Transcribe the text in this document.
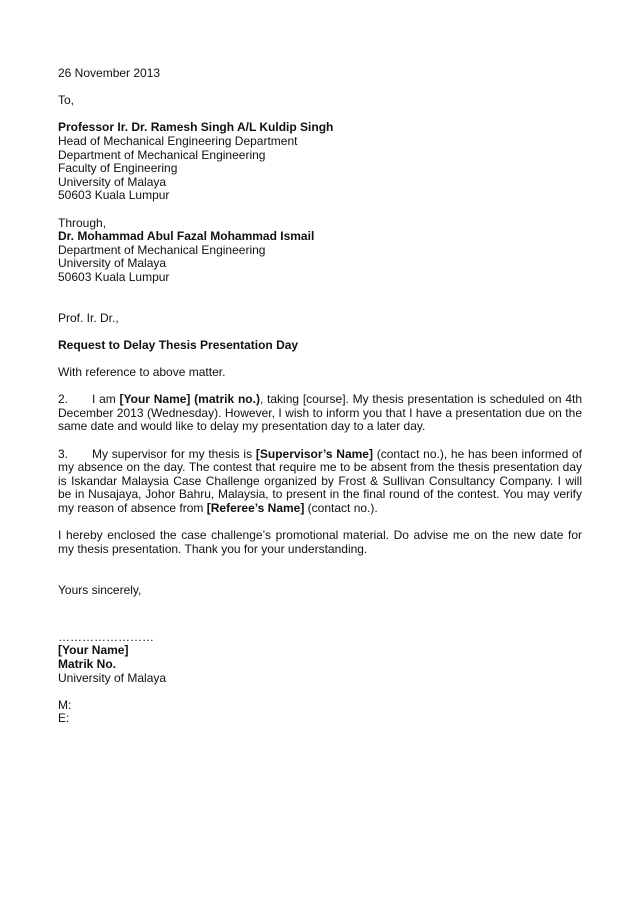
26 November 2013
To,
Professor Ir. Dr. Ramesh Singh A/L Kuldip Singh
Head of Mechanical Engineering Department
Department of Mechanical Engineering
Faculty of Engineering
University of Malaya
50603 Kuala Lumpur
Through,
Dr. Mohammad Abul Fazal Mohammad Ismail
Department of Mechanical Engineering
University of Malaya
50603 Kuala Lumpur
Prof. Ir. Dr.,
Request to Delay Thesis Presentation Day
With reference to above matter.
2. I am [Your Name] (matrik no.), taking [course]. My thesis presentation is scheduled on 4th December 2013 (Wednesday). However, I wish to inform you that I have a presentation due on the same date and would like to delay my presentation day to a later day.
3. My supervisor for my thesis is [Supervisor’s Name] (contact no.), he has been informed of my absence on the day. The contest that require me to be absent from the thesis presentation day is Iskandar Malaysia Case Challenge organized by Frost & Sullivan Consultancy Company. I will be in Nusajaya, Johor Bahru, Malaysia, to present in the final round of the contest. You may verify my reason of absence from [Referee’s Name] (contact no.).
I hereby enclosed the case challenge’s promotional material. Do advise me on the new date for my thesis presentation. Thank you for your understanding.
Yours sincerely,
……………………
[Your Name]
Matrik No.
University of Malaya
M:
E:
